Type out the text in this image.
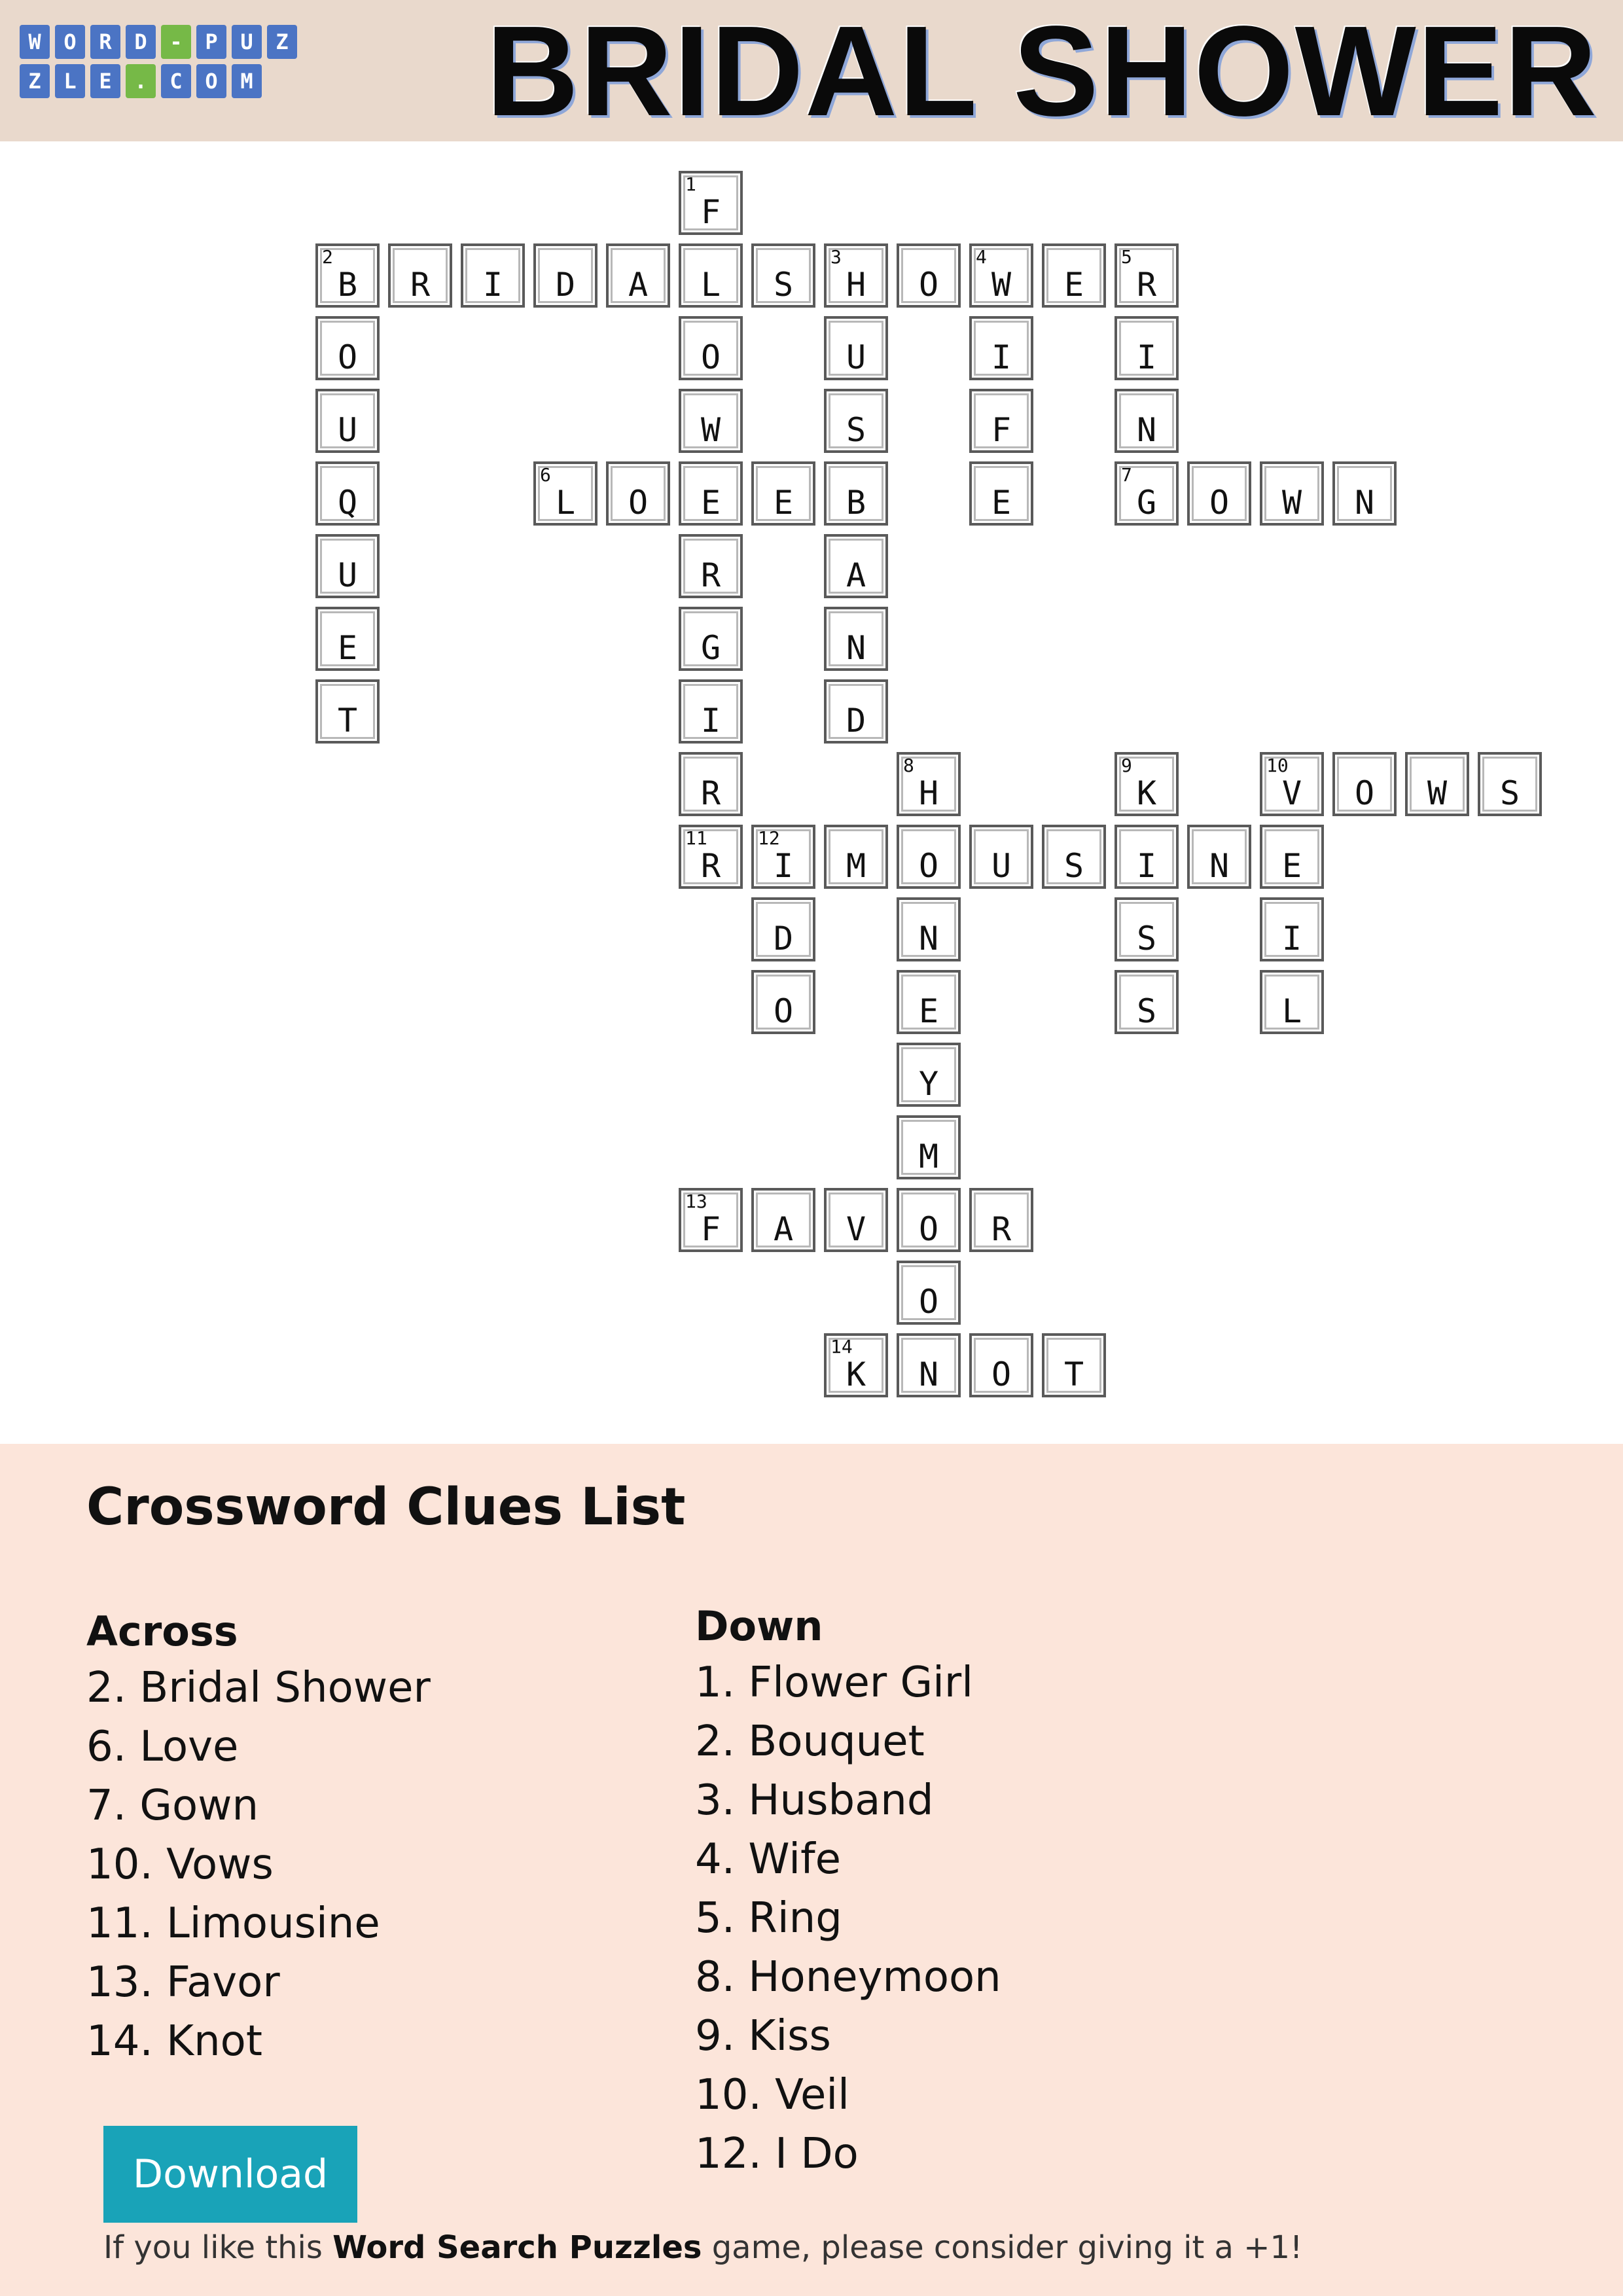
W	O	R	D	-	P	U	Z
Z	L	E	.	C	O	M BRIDAL SHOWER
1
F
L
O
W
E
R
G
I
R
11
R
2
B	R	I	D	A	S
3
H	O
4
W	E
5
R
O
U
Q
U
E
T
U
S
B
A
N
D
I
F
E
I
N
7
G
6
L	O	E	O	W	N
8
H
O
N
E
Y
M
O
O
N
9
K
I
S
S
10
V	O	W	S
E
I
L
12
I	M	U	S	N
D
O
13
F	A	V	R
14
K	O	T
Crossword Clues List
Across
2. Bridal Shower
6. Love
7. Gown
10. Vows
11. Limousine
13. Favor
14. Knot
Down
1. Flower Girl
2. Bouquet
3. Husband
4. Wife
5. Ring
8. Honeymoon
9. Kiss
10. Veil
12. I Do
Download
If you like this Word Search Puzzles game, please consider giving it a +1!
